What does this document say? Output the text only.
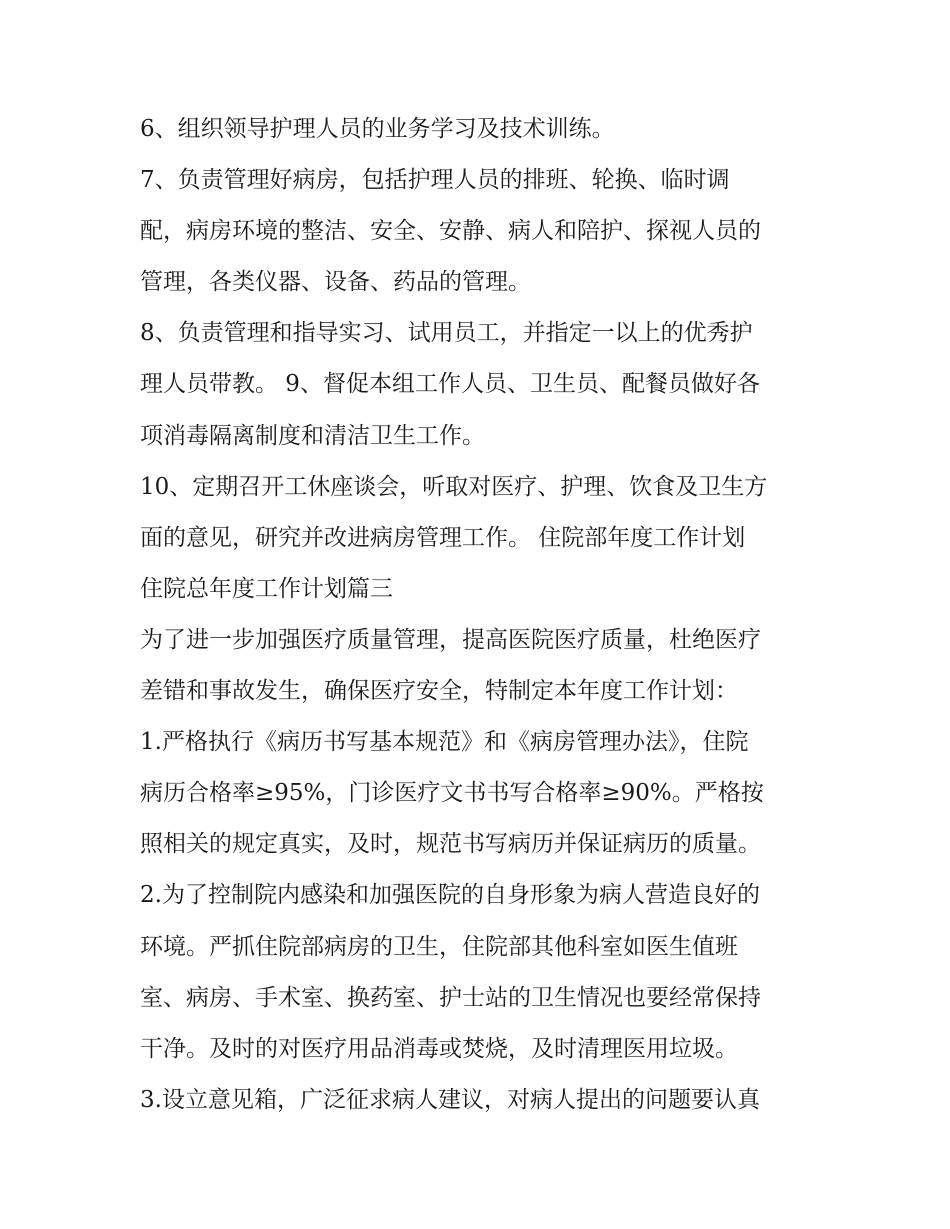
6、组织领导护理人员的业务学习及技术训练。
7、负责管理好病房，包括护理人员的排班、轮换、临时调
配，病房环境的整洁、安全、安静、病人和陪护、探视人员的
管理，各类仪器、设备、药品的管理。
8、负责管理和指导实习、试用员工，并指定一以上的优秀护
理人员带教。 9、督促本组工作人员、卫生员、配餐员做好各
项消毒隔离制度和清洁卫生工作。
10、定期召开工休座谈会，听取对医疗、护理、饮食及卫生方
面的意见，研究并改进病房管理工作。 住院部年度工作计划
住院总年度工作计划篇三
为了进一步加强医疗质量管理，提高医院医疗质量，杜绝医疗
差错和事故发生，确保医疗安全，特制定本年度工作计划：
1.严格执行《病历书写基本规范》和《病房管理办法》，住院
病历合格率≥95%，门诊医疗文书书写合格率≥90%。严格按
照相关的规定真实，及时，规范书写病历并保证病历的质量。
2.为了控制院内感染和加强医院的自身形象为病人营造良好的
环境。严抓住院部病房的卫生，住院部其他科室如医生值班
室、病房、手术室、换药室、护士站的卫生情况也要经常保持
干净。及时的对医疗用品消毒或焚烧，及时清理医用垃圾。
3.设立意见箱，广泛征求病人建议，对病人提出的问题要认真
